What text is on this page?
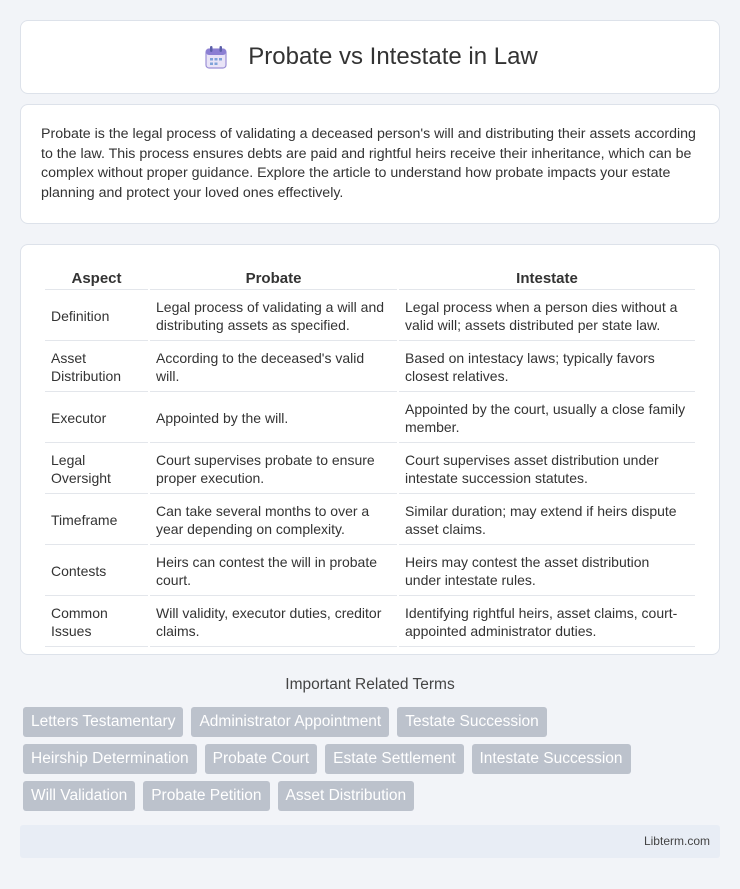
Probate vs Intestate in Law

Probate is the legal process of validating a deceased person's will and distributing their assets according to the law. This process ensures debts are paid and rightful heirs receive their inheritance, which can be complex without proper guidance. Explore the article to understand how probate impacts your estate planning and protect your loved ones effectively.

Aspect	Probate	Intestate
Definition	Legal process of validating a will and distributing assets as specified.	Legal process when a person dies without a valid will; assets distributed per state law.
Asset Distribution	According to the deceased's valid will.	Based on intestacy laws; typically favors closest relatives.
Executor	Appointed by the will.	Appointed by the court, usually a close family member.
Legal Oversight	Court supervises probate to ensure proper execution.	Court supervises asset distribution under intestate succession statutes.
Timeframe	Can take several months to over a year depending on complexity.	Similar duration; may extend if heirs dispute asset claims.
Contests	Heirs can contest the will in probate court.	Heirs may contest the asset distribution under intestate rules.
Common Issues	Will validity, executor duties, creditor claims.	Identifying rightful heirs, asset claims, court-appointed administrator duties.
Important Related Terms
Letters Testamentary	Administrator Appointment	Testate Succession
Heirship Determination	Probate Court	Estate Settlement	Intestate Succession
Will Validation	Probate Petition	Asset Distribution
Libterm.com
